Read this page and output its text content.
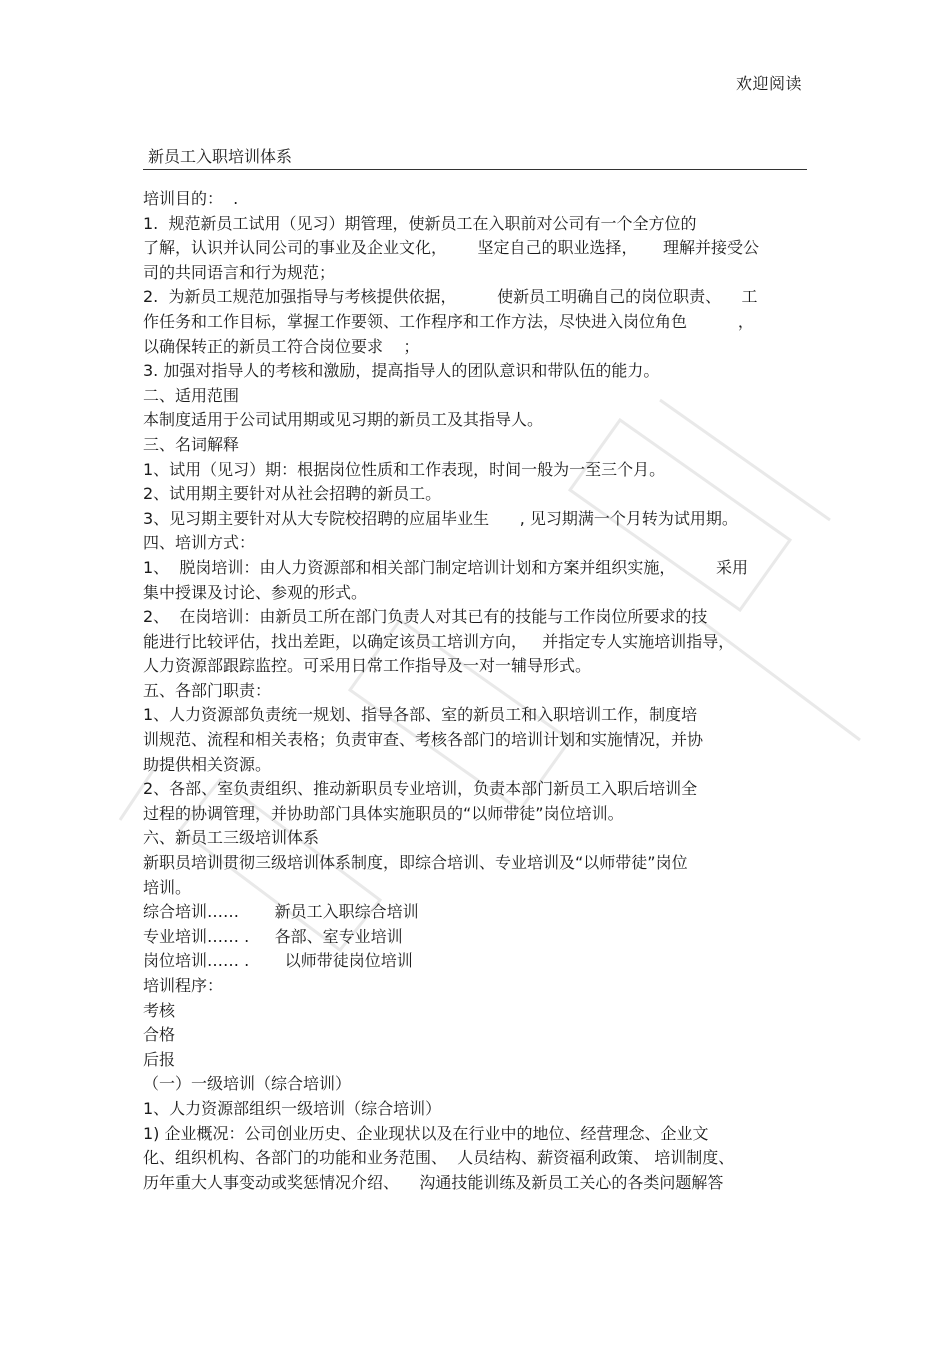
欢迎阅读
新员工入职培训体系
培训目的：  .
1.  规范新员工试用（见习）期管理，使新员工在入职前对公司有一个全方位的
了解，认识并认同公司的事业及企业文化，      坚定自己的职业选择，     理解并接受公
司的共同语言和行为规范；
2.  为新员工规范加强指导与考核提供依据，        使新员工明确自己的岗位职责、    工
作任务和工作目标，掌握工作要领、工作程序和工作方法，尽快进入岗位角色          ，
以确保转正的新员工符合岗位要求    ；
3. 加强对指导人的考核和激励，提高指导人的团队意识和带队伍的能力。
二、适用范围
本制度适用于公司试用期或见习期的新员工及其指导人。
三、名词解释
1、试用（见习）期：根据岗位性质和工作表现，时间一般为一至三个月。
2、试用期主要针对从社会招聘的新员工。
3、见习期主要针对从大专院校招聘的应届毕业生      , 见习期满一个月转为试用期。
四、培训方式：
1、  脱岗培训：由人力资源部和相关部门制定培训计划和方案并组织实施，        采用
集中授课及讨论、参观的形式。
2、  在岗培训：由新员工所在部门负责人对其已有的技能与工作岗位所要求的技
能进行比较评估，找出差距，以确定该员工培训方向，   并指定专人实施培训指导，
人力资源部跟踪监控。可采用日常工作指导及一对一辅导形式。
五、各部门职责：
1、人力资源部负责统一规划、指导各部、室的新员工和入职培训工作，制度培
训规范、流程和相关表格；负责审查、考核各部门的培训计划和实施情况，并协
助提供相关资源。
2、各部、室负责组织、推动新职员专业培训，负责本部门新员工入职后培训全
过程的协调管理，并协助部门具体实施职员的“以师带徒”岗位培训。
六、新员工三级培训体系
新职员培训贯彻三级培训体系制度，即综合培训、专业培训及“以师带徒”岗位
培训。
综合培训……       新员工入职综合培训
专业培训…… .     各部、室专业培训
岗位培训…… .       以师带徒岗位培训
培训程序：
考核
合格
后报
（一）一级培训（综合培训）
1、人力资源部组织一级培训（综合培训）
1) 企业概况：公司创业历史、企业现状以及在行业中的地位、经营理念、企业文
化、组织机构、各部门的功能和业务范围、  人员结构、薪资福利政策、 培训制度、
历年重大人事变动或奖惩情况介绍、    沟通技能训练及新员工关心的各类问题解答
